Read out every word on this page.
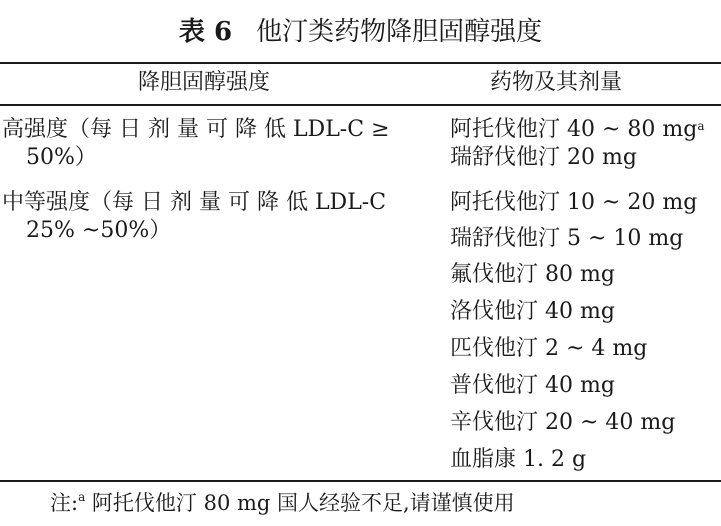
表 6 他汀类药物降胆固醇强度
降胆固醇强度	药物及其剂量
高强度（每 日 剂 量 可 降 低 LDL-C ≥
50%）
阿托伐他汀 40 ~ 80 $mg^a$
瑞舒伐他汀 20 mg
中等强度（每 日 剂 量 可 降 低 LDL-C
25% ~50%）
阿托伐他汀 10 ~ 20 mg
瑞舒伐他汀 5 ~ 10 mg
氟伐他汀 80 mg
洛伐他汀 40 mg
匹伐他汀 2 ~ 4 mg
普伐他汀 40 mg
辛伐他汀 20 ~ 40 mg
血脂康 1. 2 g
注:$^a$ 阿托伐他汀 80 mg 国人经验不足,请谨慎使用
